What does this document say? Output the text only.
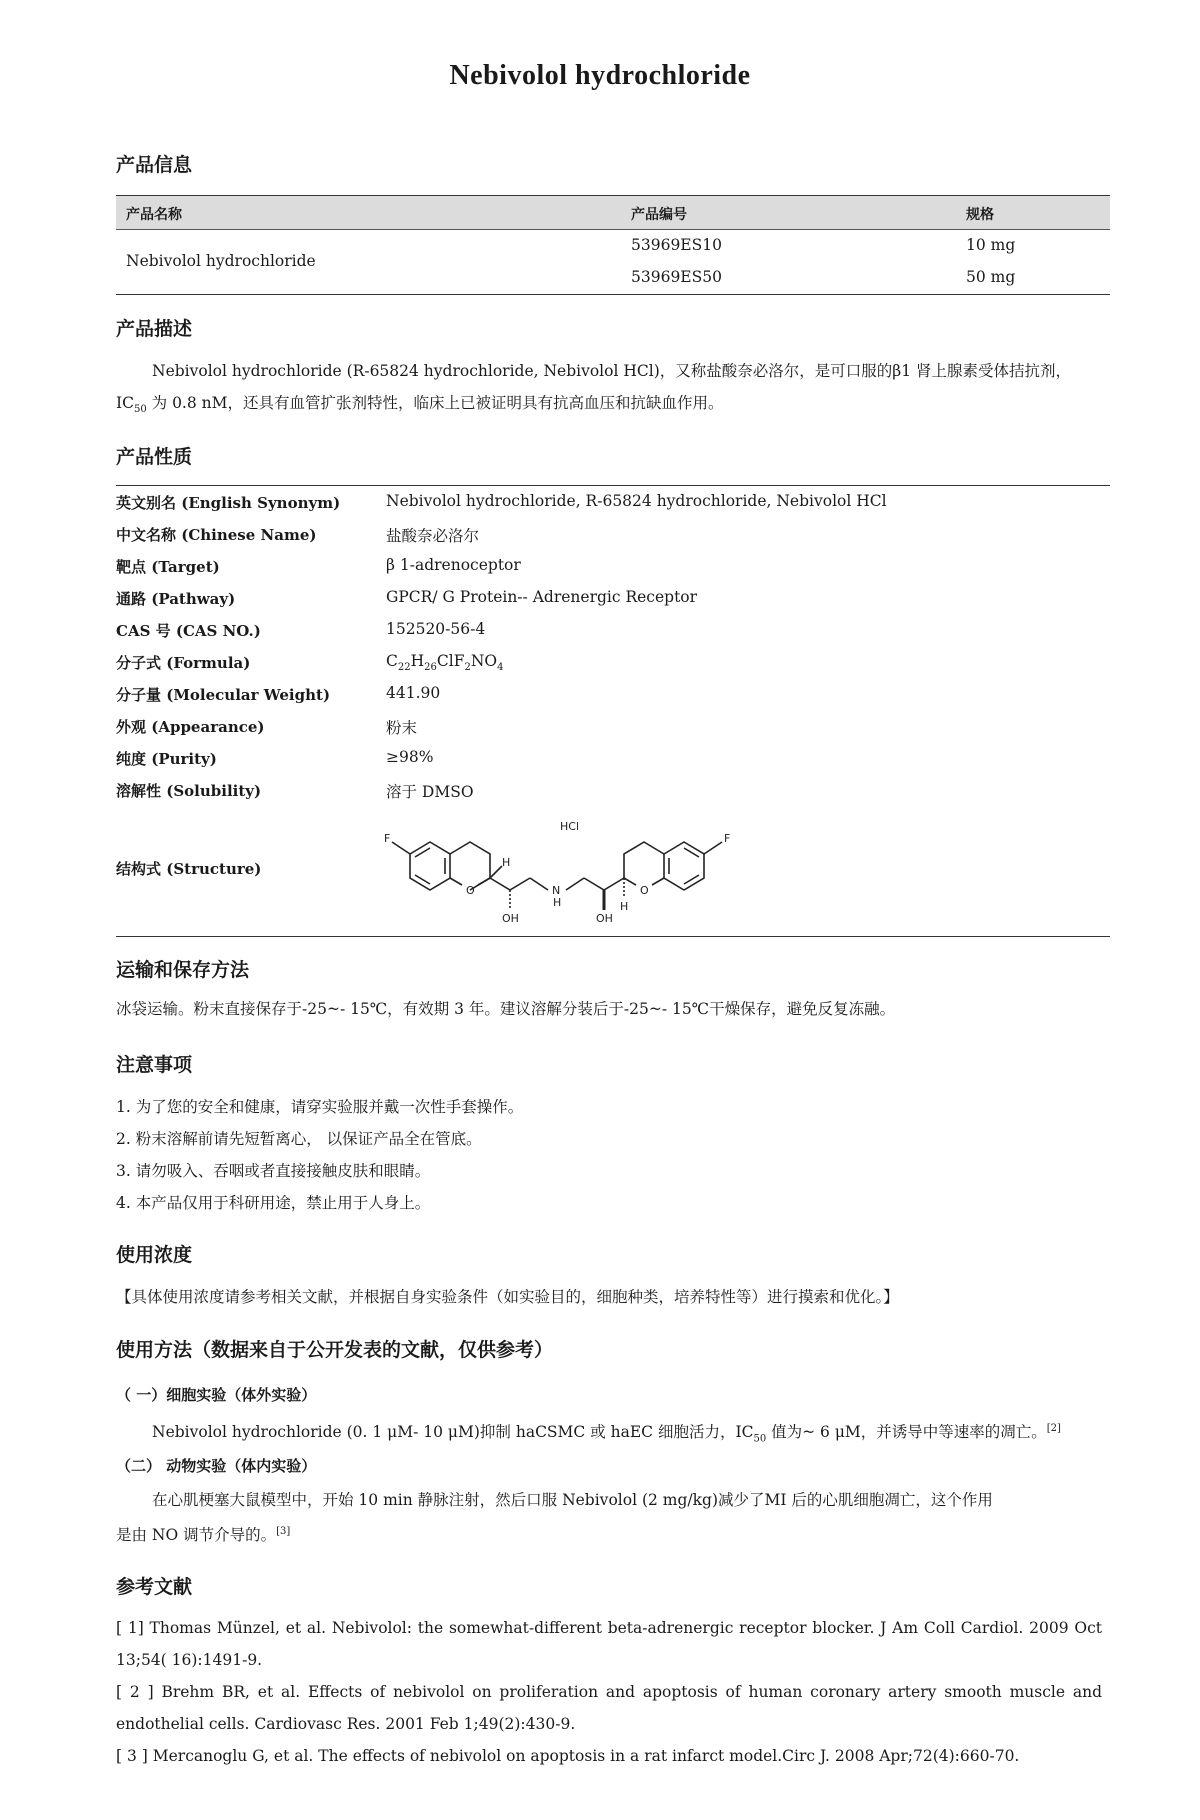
Nebivolol hydrochloride
产品信息
产品名称	产品编号	规格
Nebivolol hydrochloride
53969ES10	10 mg
53969ES50	50 mg
产品描述
Nebivolol hydrochloride (R-65824 hydrochloride, Nebivolol HCl)，又称盐酸奈必洛尔，是可口服的β1 肾上腺素受体拮抗剂，
$IC_{50}$ 为 0.8 nM，还具有血管扩张剂特性，临床上已被证明具有抗高血压和抗缺血作用。
产品性质
英文别名 (English Synonym)	Nebivolol hydrochloride, R-65824 hydrochloride, Nebivolol HCl
中文名称 (Chinese Name)	盐酸奈必洛尔
靶点 (Target)	β 1-adrenoceptor
通路 (Pathway)	GPCR/ G Protein-- Adrenergic Receptor
CAS 号 (CAS NO.)	152520-56-4
分子式 (Formula)	$C_{22}H_{26}ClF_2NO_4$
分子量 (Molecular Weight)	441.90
外观 (Appearance)	粉末
纯度 (Purity)	≥98%
溶解性 (Solubility)	溶于 DMSO
结构式 (Structure)
HCl
F	F
O	O
H
H
N
H
OH	OH
运输和保存方法
冰袋运输。粉末直接保存于-25~- 15℃，有效期 3 年。建议溶解分装后于-25~- 15℃干燥保存，避免反复冻融。
注意事项
1. 为了您的安全和健康，请穿实验服并戴一次性手套操作。
2. 粉末溶解前请先短暂离心， 以保证产品全在管底。
3. 请勿吸入、吞咽或者直接接触皮肤和眼睛。
4. 本产品仅用于科研用途，禁止用于人身上。
使用浓度
【具体使用浓度请参考相关文献，并根据自身实验条件（如实验目的，细胞种类，培养特性等）进行摸索和优化。】
使用方法（数据来自于公开发表的文献，仅供参考）
（ 一）细胞实验（体外实验）
Nebivolol hydrochloride (0. 1 μM- 10 μM)抑制 haCSMC 或 haEC 细胞活力，$IC_{50}$ 值为~ 6 μM，并诱导中等速率的凋亡。[2]
（二） 动物实验（体内实验）
在心肌梗塞大鼠模型中，开始 10 min 静脉注射，然后口服 Nebivolol (2 mg/kg)减少了MI 后的心肌细胞凋亡，这个作用
是由 NO 调节介导的。[3]
参考文献
[ 1] Thomas Münzel, et al. Nebivolol: the somewhat-different beta-adrenergic receptor blocker. J Am Coll Cardiol. 2009 Oct 13;54( 16):1491-9.
[ 2 ] Brehm BR, et al. Effects of nebivolol on proliferation and apoptosis of human coronary artery smooth muscle and endothelial cells. Cardiovasc Res. 2001 Feb 1;49(2):430-9.
[ 3 ] Mercanoglu G, et al. The effects of nebivolol on apoptosis in a rat infarct model.Circ J. 2008 Apr;72(4):660-70.
